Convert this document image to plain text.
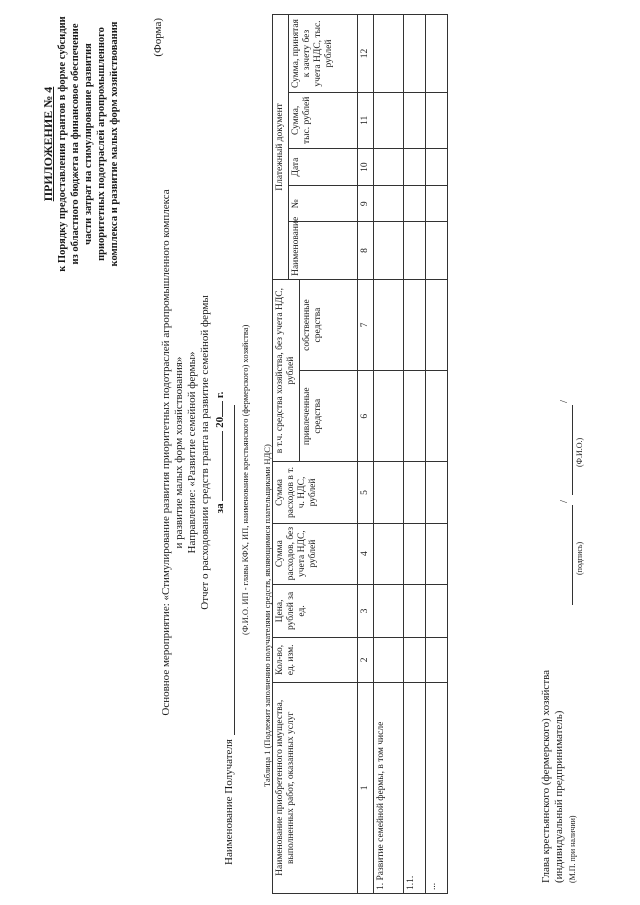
ПРИЛОЖЕНИЕ № 4 к Порядку предоставления грантов в форме субсидии из областного бюджета на финансовое обеспечение части затрат на стимулирование развития приоритетных подотраслей агропромышленного комплекса и развитие малых форм хозяйствования	(Форма)
Основное мероприятие: «Стимулирование развития приоритетных подотраслей агропромышленного комплекса и развитие малых форм хозяйствования» Направление: «Развитие семейной фермы» Отчет о расходовании средств гранта на развитие семейной фермы за  20 г.
Наименование Получателя
(Ф.И.О. ИП - главы КФХ, ИП, наименование крестьянского (фермерского) хозяйства) Таблица 1 (Подлежит заполнению получателями средств, являющимися плательщиками НДС)
Наименование приобретенного имущества, выполненных работ, оказанных услуг	Кол-во, ед. изм.	Цена, рублей за ед.	Сумма расходов, без учета НДС, рублей	Сумма расходов в т. ч. НДС, рублей	в т.ч. средства хозяйства, без учета НДС, рублей		Платежный документ				
							Наименование	№	Дата	Сумма, тыс. рублей	Сумма, принятая к зачету без учета НДС, тыс. рублей
					привлеченные средства	собственные средства					
1	2	3	4	5	6	7	8	9	10	11	12
1. Развитие семейной фермы, в том числе											
1.1.											
...											
Глава крестьянского (фермерского) хозяйства (индивидуальный предприниматель) (М.П. при наличии)
/
/
(подпись)
(Ф.И.О.)
